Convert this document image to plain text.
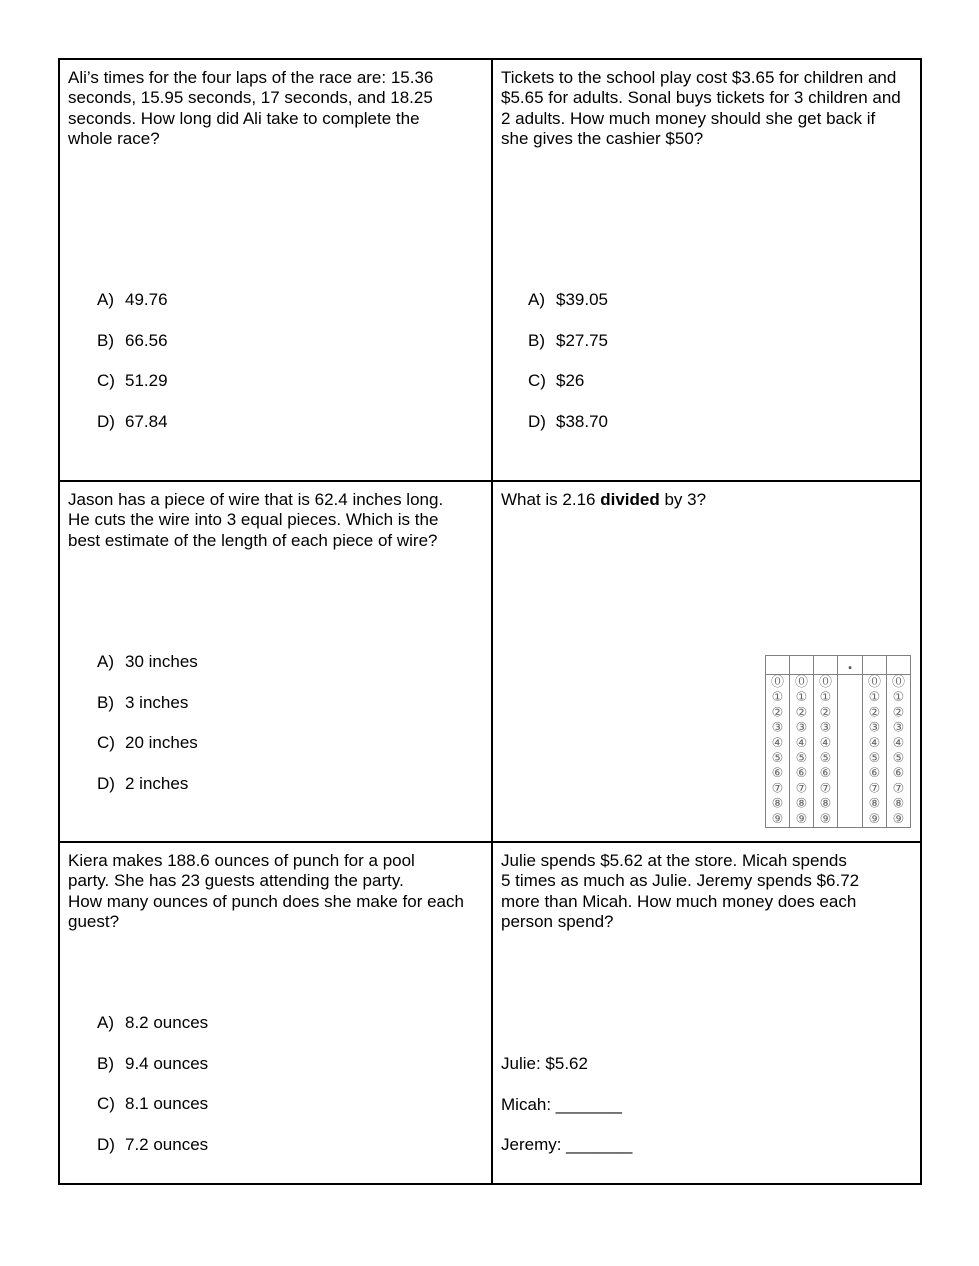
Ali’s times for the four laps of the race are: 15.36
seconds, 15.95 seconds, 17 seconds, and 18.25
seconds. How long did Ali take to complete the
whole race?
A) 49.76
B) 66.56
C) 51.29
D) 67.84
Tickets to the school play cost $3.65 for children and
$5.65 for adults. Sonal buys tickets for 3 children and
2 adults. How much money should she get back if
she gives the cashier $50?
A) $39.05
B) $27.75
C) $26
D) $38.70
Jason has a piece of wire that is 62.4 inches long.
He cuts the wire into 3 equal pieces. Which is the
best estimate of the length of each piece of wire?
A) 30 inches
B) 3 inches
C) 20 inches
D) 2 inches
What is 2.16 divided by 3?
.
⓪
①
②
③
④
⑤
⑥
⑦
⑧
⑨
⓪
①
②
③
④
⑤
⑥
⑦
⑧
⑨
⓪
①
②
③
④
⑤
⑥
⑦
⑧
⑨
⓪
①
②
③
④
⑤
⑥
⑦
⑧
⑨
⓪
①
②
③
④
⑤
⑥
⑦
⑧
⑨
Kiera makes 188.6 ounces of punch for a pool
party. She has 23 guests attending the party.
How many ounces of punch does she make for each
guest?
A) 8.2 ounces
B) 9.4 ounces
C) 8.1 ounces
D) 7.2 ounces
Julie spends $5.62 at the store. Micah spends
5 times as much as Julie. Jeremy spends $6.72
more than Micah. How much money does each
person spend?
Julie: $5.62
Micah: _______
Jeremy: _______
